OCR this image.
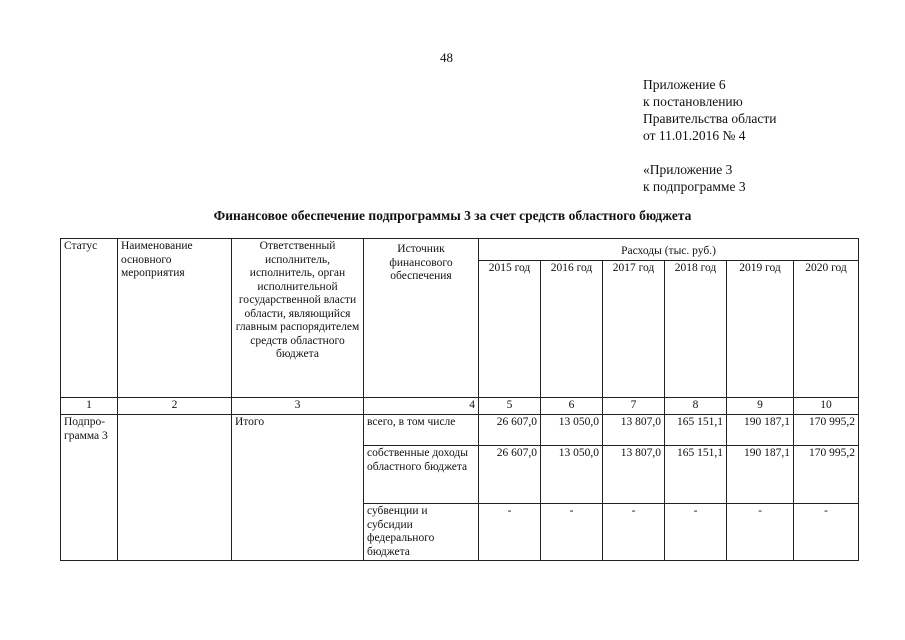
48
Приложение 6
к постановлению
Правительства области
от 11.01.2016 № 4
«Приложение 3
к подпрограмме 3
Финансовое обеспечение подпрограммы 3 за счет средств областного бюджета
Статус	Наименование основного мероприятия	Ответственный исполнитель, исполнитель, орган исполнительной государственной власти области, являющийся главным распорядителем средств областного бюджета	Источник финансового обеспечения	Расходы (тыс. руб.)					
				2015 год	2016 год	2017 год	2018 год	2019 год	2020 год
1	2	3	4	5	6	7	8	9	10
Подпро-грамма 3		Итого	всего, в том числе	26 607,0	13 050,0	13 807,0	165 151,1	190 187,1	170 995,2
			собственные доходы областного бюджета	26 607,0	13 050,0	13 807,0	165 151,1	190 187,1	170 995,2
			субвенции и субсидии федерального бюджета	-	-	-	-	-	-
